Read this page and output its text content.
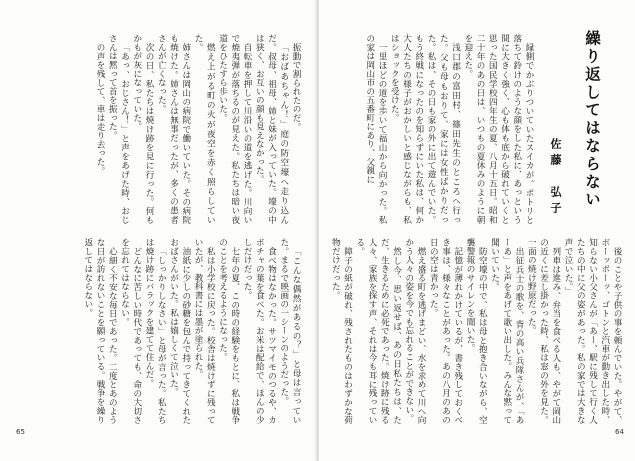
振動で割られたのだ。

「おばあちゃん！」庭の防空壕へ走り込んだ。叔母、祖母、姉と妹が入っていた。壕の中は狭く、お互いの顔も見えなかった。

自転車を押して川沿いの道を逃げた。川向いで焼夷弾が落ちるのが見えた。私たちは暗い夜道をひたすら歩いた。

燃え上がる町の火が夜空を赤く照らしていた。

姉さんは岡山の病院で働いていた。その病院も焼けた。姉さんは無事だったが、多くの患者さんが亡くなった。

次の日、私たちは焼け跡を見に行った。何もかもが灰になっていた。

「あっ、おじさん！」と声をあげた時、おじさんは黙って首を振った。

の声を残して、車は走り去った。

「こんな偶然があるの？」と母は言っていた。まるで映画の一シーンのようだった。

食べ物はなかった。サツマイモのつるや、カボチャの葉を食べた。お米は配給で、ほんの少しだけだった。

七年の夏、この時の経験をもとに、私は戦争のことを考えるようになった。

私は小学校に戻った。校舎は焼けずに残っていたが、教科書には墨が塗られた。

油紙に少しの砂糖を包んで持ってきてくれたおばさんがいた。私は嬉しくて泣いた。

「しっかりしなさい」と母が言った。私たちは焼け跡にバラックを建てて住んだ。

どんなに苦しい時代であっても、命の大切さを忘れてはならない。

心細く不安な毎日であった。二度とあのような日が訪れないことを願っている。戦争を繰り返してはならない。

65
繰り返してはならない
佐藤　弘子

縁側でかぶりついていたスイカが、ポトリと落ちて鈴けのような顔をした私に、あっという間に大きく強く、心も体も底から破れていくと思った国民学校四年生の夏、八月十五日。昭和二十年のあの日は、いつもの夏休みのように朝を迎えた。

浅口郡の富田村、篠田先生のところへ行った。父も母もおりて、家には女性ばかりだった。私は、その日も家の外に出て遊んでいた。もう終戦になったのを知らずにいた私は、何か大人たちの様子がおかしいと感じながらも、私はショックを受けた。

一里ほどの道を歩いて福山から向かった。私の家は岡山市の五番町にあり、父親に

後のことや子供の事を頼んでいた。やがて、ボーッボーッ、ゴトンと汽車が動き出した時、知らない小父さんが「あー、駅に残して行く人たちの中に父の姿があった。私の家では大きな声で泣いた。」

列車は進み、弁当を食べる人も、やがて岡山の近くに差し掛かった時、私は窓の外を見た。一面の焼け野原だった。

出征兵士の歌を、背の高い兵隊さんが、「あーあ」と声をあげて歌い出した。みんな黙って聞いていた。

防空壕の中で、私は母と抱き合いながら、空襲警報のサイレンを聞いた。

記憶が薄れかけているが、書き残しておくべき事は、様々なことがあった。あの八月のあの日の空は青かった。

燃え盛る町を逃げまどい、水を求めて川へ向かう人々の姿を今でも忘れることができない。

然し今、思い返せば、あの日私たちは、ただ、生きるために必死であった。焼け跡に残る人々、家族を探す声、それは今も耳に残っている。

障子の紙が破れ、残されたものはわずかな荷物だけだった。

64
